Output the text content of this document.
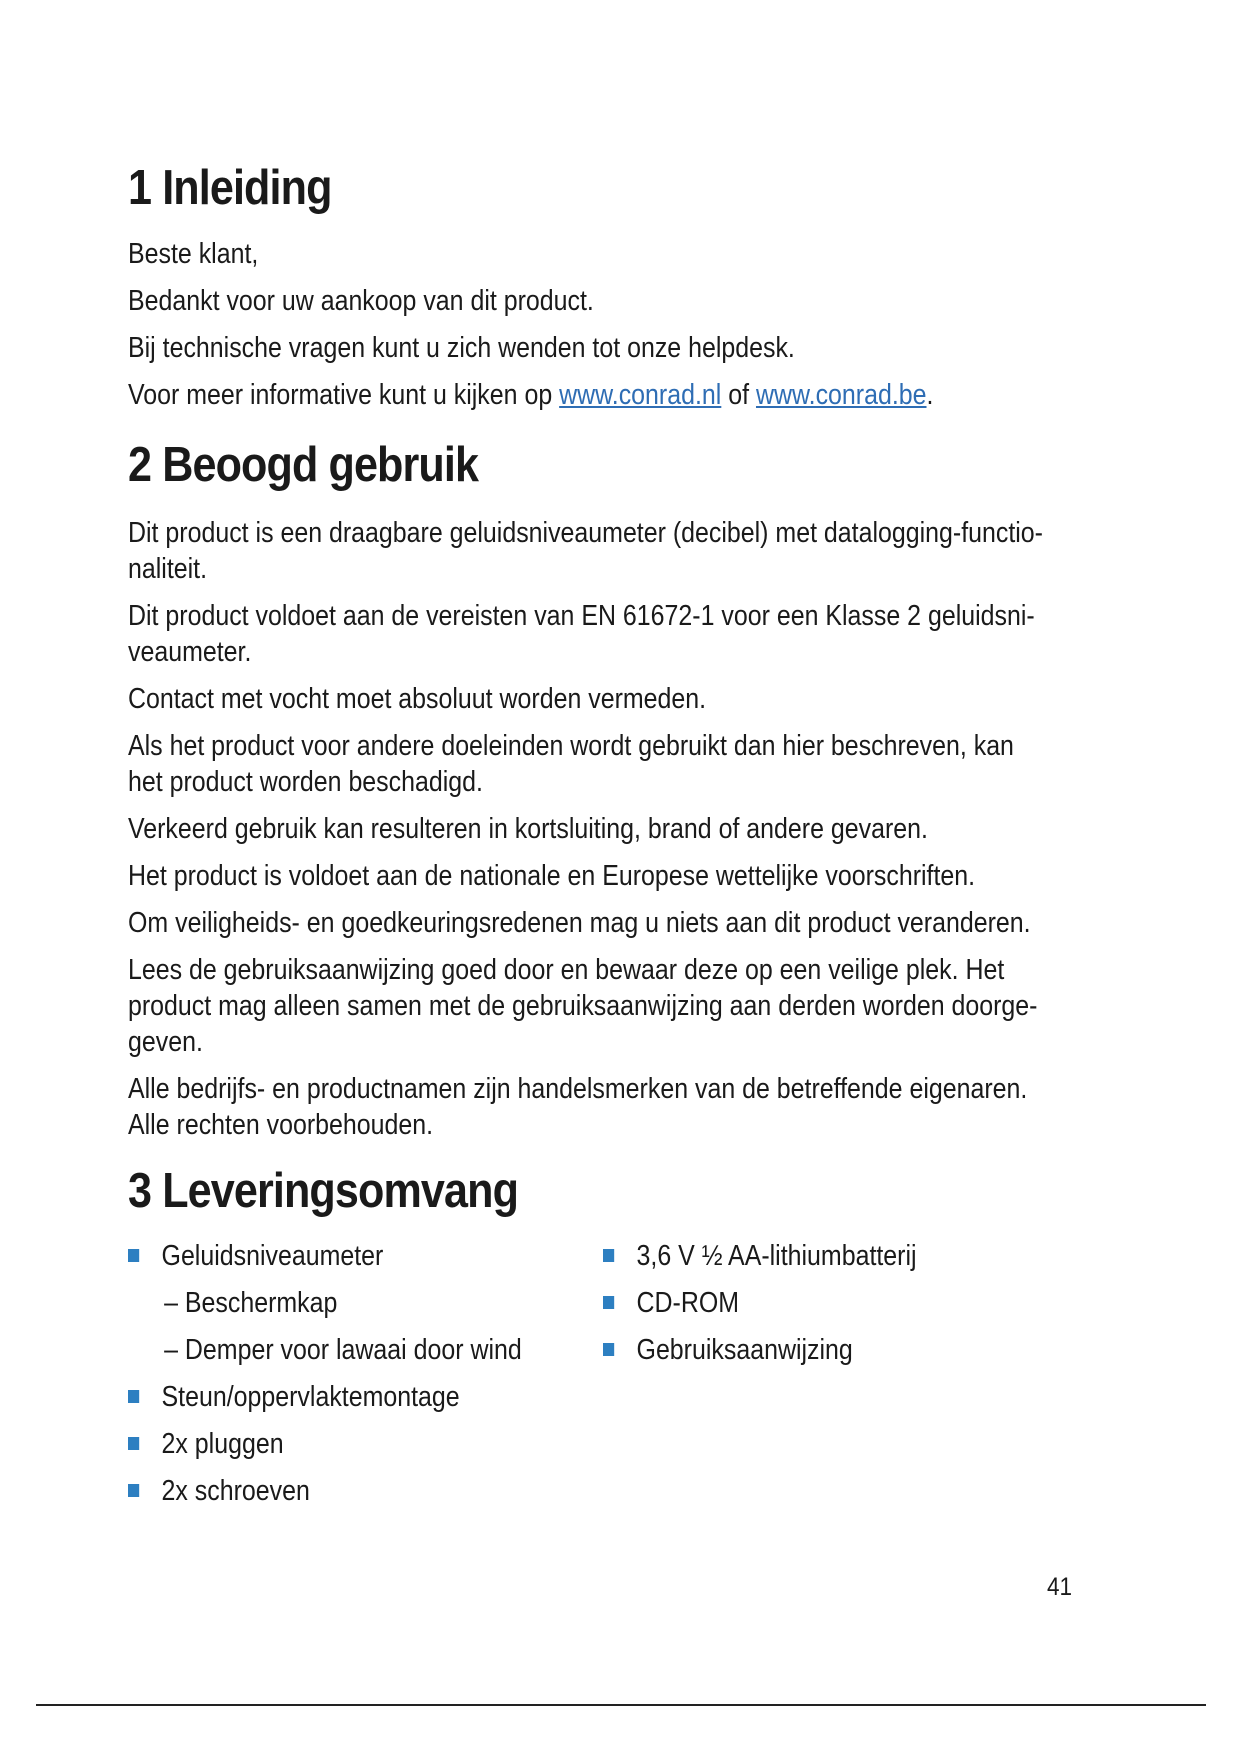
1 Inleiding

Beste klant,

Bedankt voor uw aankoop van dit product.

Bij technische vragen kunt u zich wenden tot onze helpdesk.

Voor meer informative kunt u kijken op www.conrad.nl of www.conrad.be.

2 Beoogd gebruik

Dit product is een draagbare geluidsniveaumeter (decibel) met datalogging-functio-
naliteit.

Dit product voldoet aan de vereisten van EN 61672-1 voor een Klasse 2 geluidsni-
veaumeter.

Contact met vocht moet absoluut worden vermeden.

Als het product voor andere doeleinden wordt gebruikt dan hier beschreven, kan
het product worden beschadigd.

Verkeerd gebruik kan resulteren in kortsluiting, brand of andere gevaren.

Het product is voldoet aan de nationale en Europese wettelijke voorschriften.

Om veiligheids- en goedkeuringsredenen mag u niets aan dit product veranderen.

Lees de gebruiksaanwijzing goed door en bewaar deze op een veilige plek. Het
product mag alleen samen met de gebruiksaanwijzing aan derden worden doorge-
geven.

Alle bedrijfs- en productnamen zijn handelsmerken van de betreffende eigenaren.
Alle rechten voorbehouden.

3 Leveringsomvang
Geluidsniveaumeter
– Beschermkap
– Demper voor lawaai door wind
Steun/oppervlaktemontage
2x pluggen
2x schroeven
3,6 V ½ AA-lithiumbatterij
CD-ROM
Gebruiksaanwijzing
41
